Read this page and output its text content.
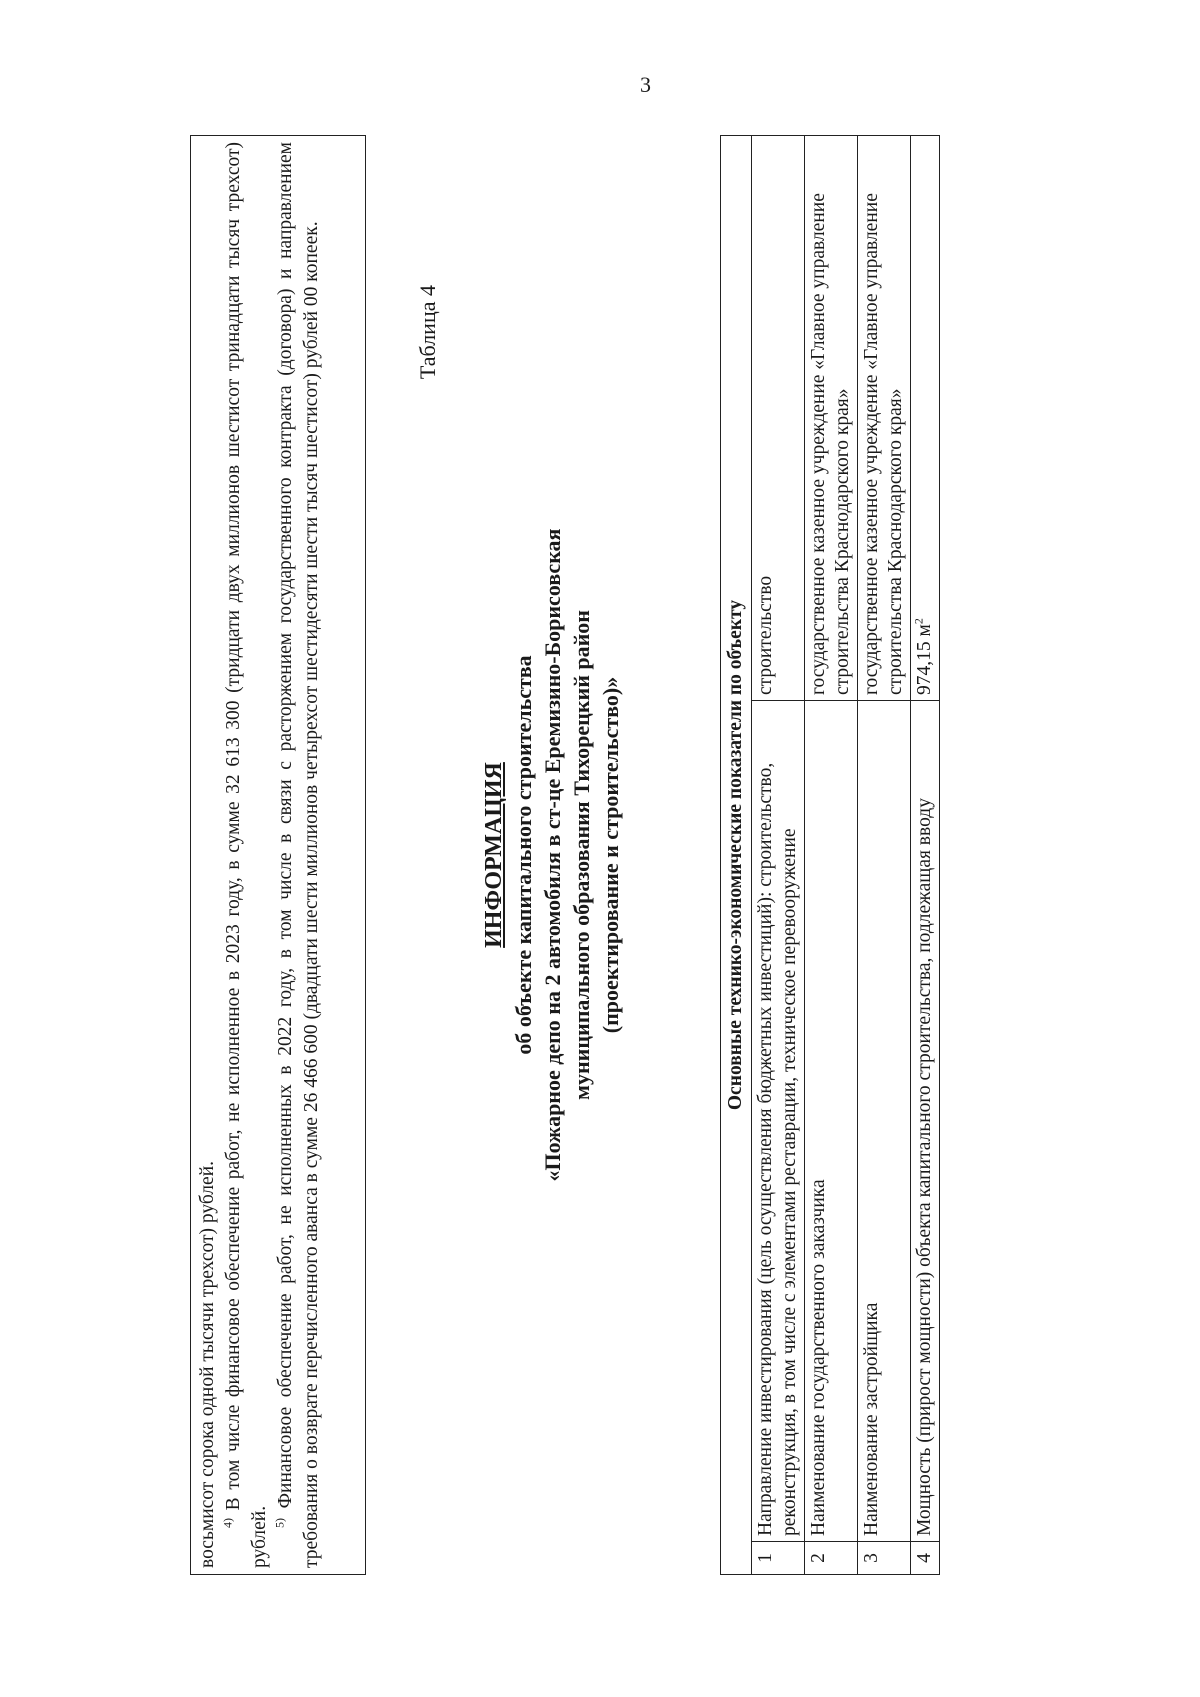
3

восьмисот сорока одной тысячи трехсот) рублей. $^{4)}$ В том числе финансовое обеспечение работ, не исполненное в 2023 году, в сумме 32 613 300 (тридцати двух миллионов шестисот тринадцати тысяч трехсот) рублей. $^{5)}$ Финансовое обеспечение работ, не исполненных в 2022 году, в том числе в связи с расторжением государственного контракта (договора) и направлением требования о возврате перечисленного аванса в сумме 26 466 600 (двадцати шести миллионов четырехсот шестидесяти шести тысяч шестисот) рублей 00 копеек.	Таблица 4
ИНФОРМАЦИЯ об объекте капитального строительства «Пожарное депо на 2 автомобиля в ст-це Еремизино-Борисовская муниципального образования Тихорецкий район (проектирование и строительство)»	Основные технико-экономические показатели по объекту		
1	Направление инвестирования (цель осуществления бюджетных инвестиций): строительство, реконструкция, в том числе с элементами реставрации, техническое перевооружение	строительство
2	Наименование государственного заказчика	государственное казенное учреждение «Главное управление строительства Краснодарского края»
3	Наименование застройщика	государственное казенное учреждение «Главное управление строительства Краснодарского края»
4	Мощность (прирост мощности) объекта капитального строительства, подлежащая вводу	974,15 $м^2$
